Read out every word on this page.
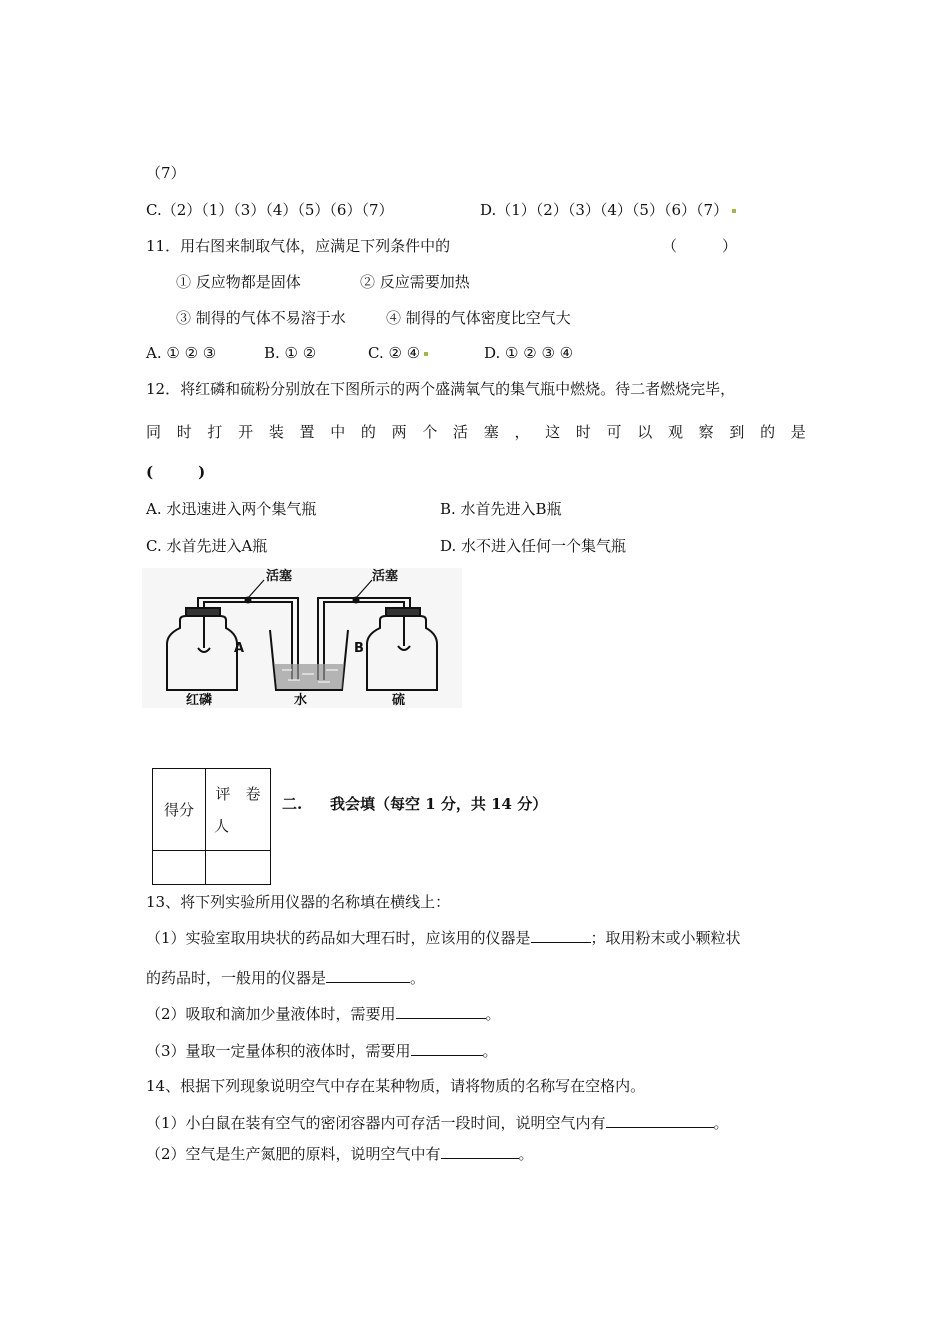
（7）
C.（2）（1）（3）（4）（5）（6）（7）	D.（1）（2）（3）（4）（5）（6）（7）
11．用右图来制取气体，应满足下列条件中的	（　　　）
① 反应物都是固体	② 反应需要加热
③ 制得的气体不易溶于水	④ 制得的气体密度比空气大
A. ① ② ③	B. ① ②	C. ② ④	D. ① ② ③ ④
12．将红磷和硫粉分别放在下图所示的两个盛满氧气的集气瓶中燃烧。待二者燃烧完毕，
同 时 打 开 装 置 中 的 两 个 活 塞 ， 这 时 可 以 观 察 到 的 是
(　　　)
A. 水迅速进入两个集气瓶	B. 水首先进入B瓶
C. 水首先进入A瓶	D. 水不进入任何一个集气瓶
活塞	活塞
A	B
红磷	水	硫
得分	评　卷

人

二. 我会填（每空 1 分，共 14 分）
13、将下列实验所用仪器的名称填在横线上：
（1）实验室取用块状的药品如大理石时，应该用的仪器是	；取用粉末或小颗粒状
的药品时，一般用的仪器是	。
（2）吸取和滴加少量液体时，需要用	。
（3）量取一定量体积的液体时，需要用	。
14、根据下列现象说明空气中存在某种物质，请将物质的名称写在空格内。
（1）小白鼠在装有空气的密闭容器内可存活一段时间，说明空气内有	。
（2）空气是生产氮肥的原料，说明空气中有	。
